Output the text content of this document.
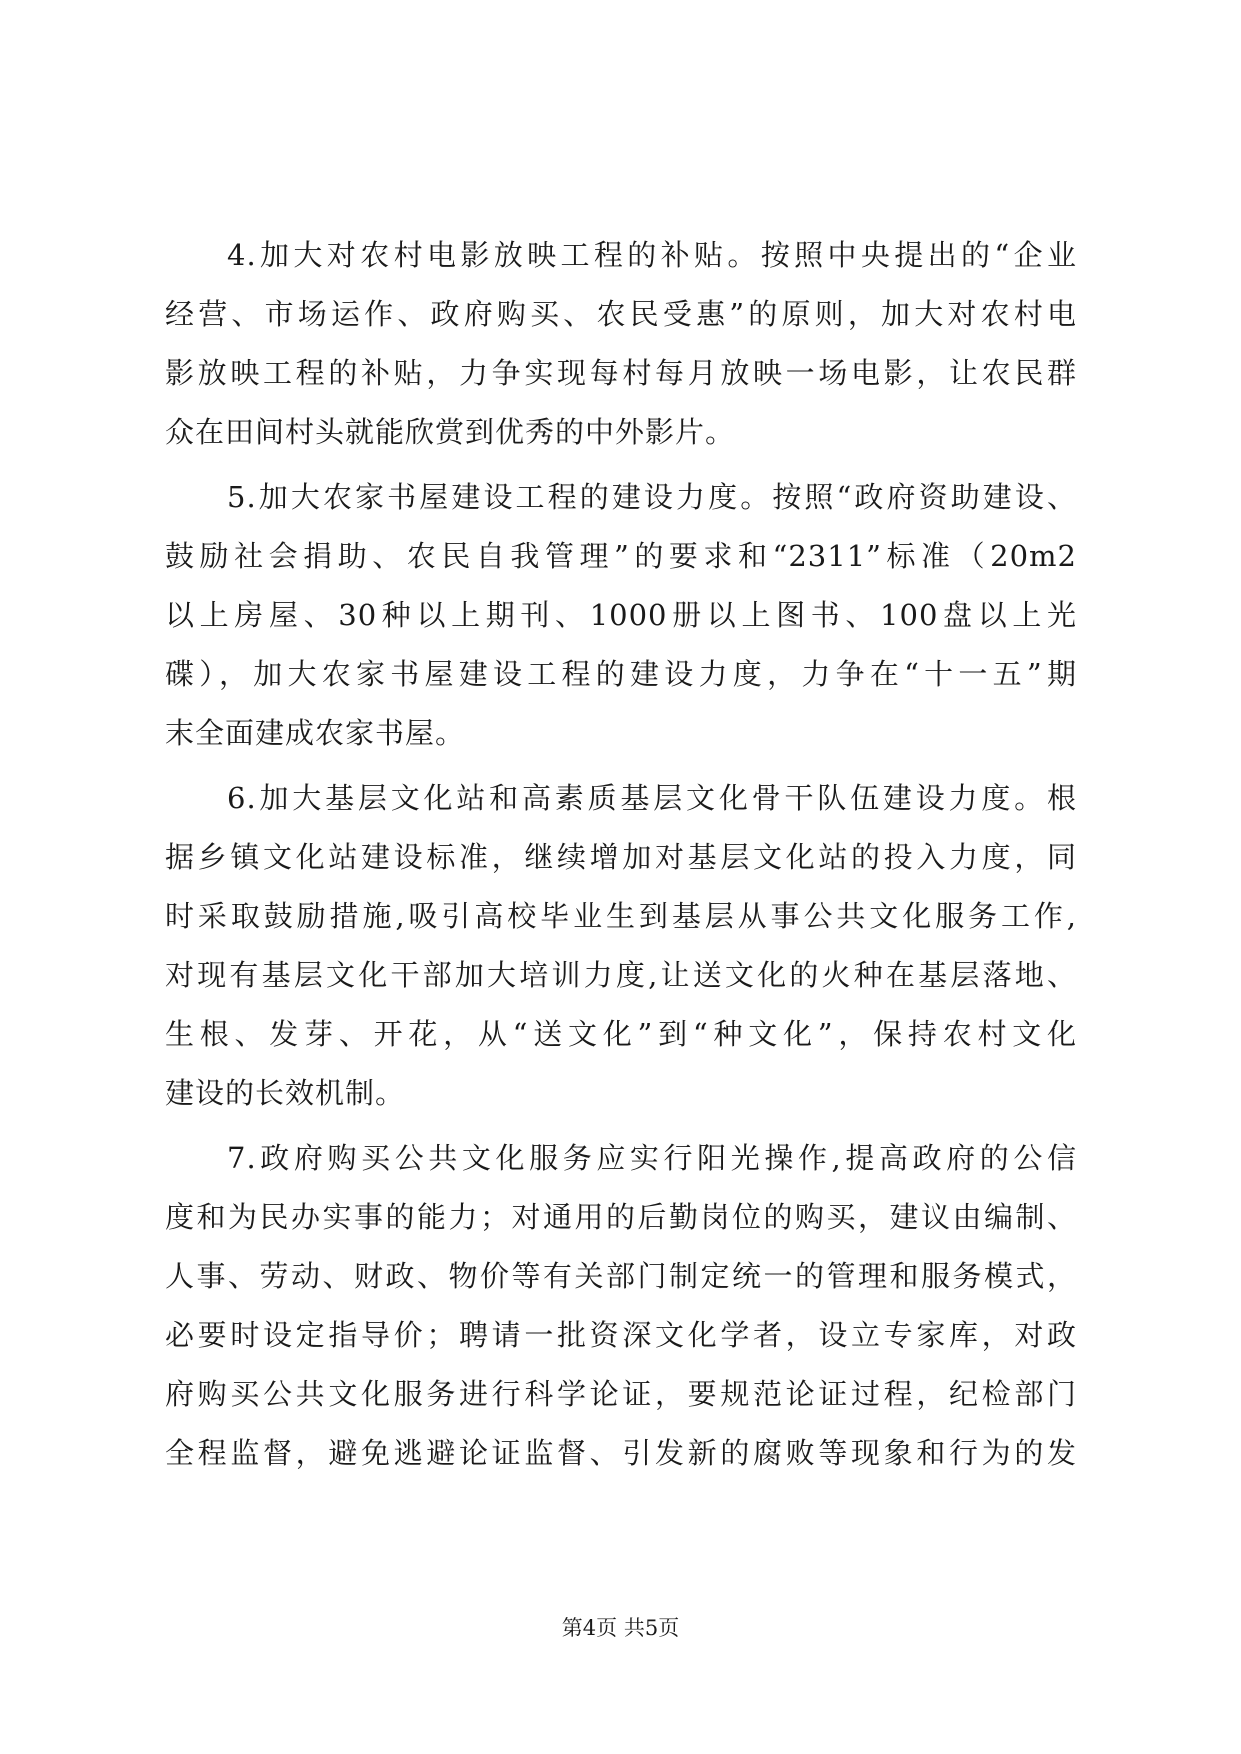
4.加大对农村电影放映工程的补贴。按照中央提出的“企业
经营、市场运作、政府购买、农民受惠”的原则，加大对农村电
影放映工程的补贴，力争实现每村每月放映一场电影，让农民群
众在田间村头就能欣赏到优秀的中外影片。
5.加大农家书屋建设工程的建设力度。按照“政府资助建设、
鼓励社会捐助、农民自我管理”的要求和“2311”标准（20m2
以上房屋、30种以上期刊、1000册以上图书、100盘以上光
碟），加大农家书屋建设工程的建设力度，力争在“十一五”期
末全面建成农家书屋。
6.加大基层文化站和高素质基层文化骨干队伍建设力度。根
据乡镇文化站建设标准，继续增加对基层文化站的投入力度，同
时采取鼓励措施,吸引高校毕业生到基层从事公共文化服务工作,
对现有基层文化干部加大培训力度,让送文化的火种在基层落地、
生根、发芽、开花，从“送文化”到“种文化”，保持农村文化
建设的长效机制。
7.政府购买公共文化服务应实行阳光操作,提高政府的公信
度和为民办实事的能力；对通用的后勤岗位的购买，建议由编制、
人事、劳动、财政、物价等有关部门制定统一的管理和服务模式，
必要时设定指导价；聘请一批资深文化学者，设立专家库，对政
府购买公共文化服务进行科学论证，要规范论证过程，纪检部门
全程监督，避免逃避论证监督、引发新的腐败等现象和行为的发
第4页 共5页
